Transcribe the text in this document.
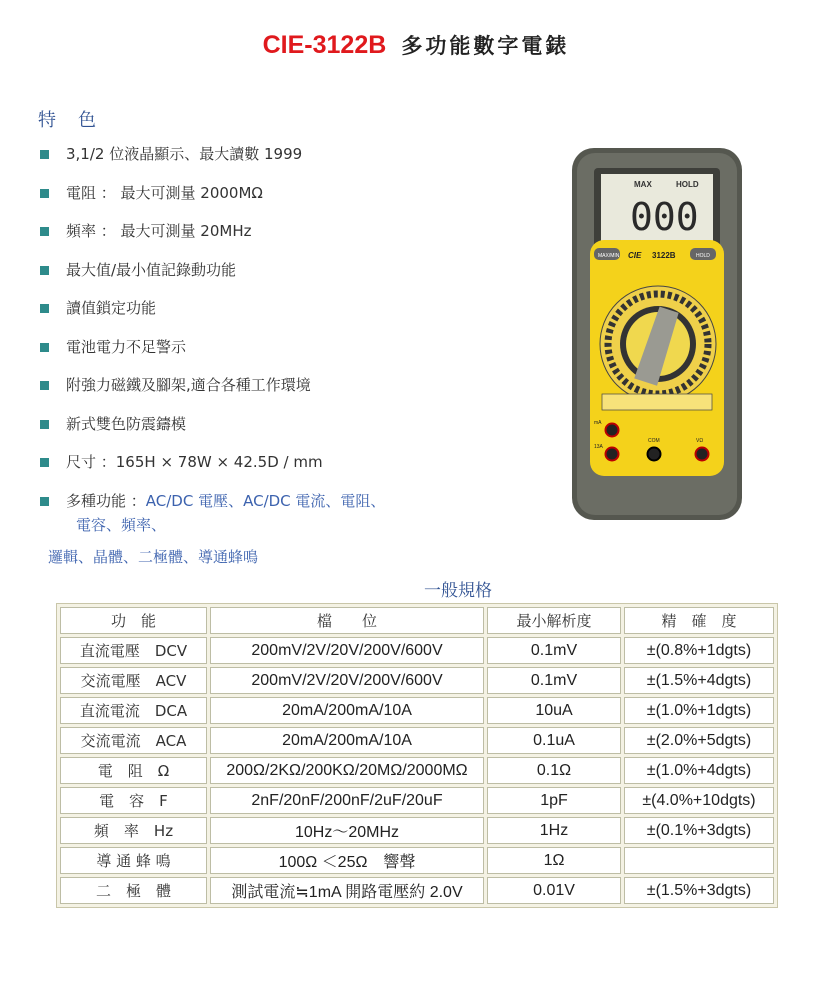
CIE-3122B 多功能數字電錶
特色
3,1/2 位液晶顯示、最大讀數 1999
電阻 ： 最大可測量 2000MΩ
頻率 ： 最大可測量 20MHz
最大值/最小值記錄動功能
讀值鎖定功能
電池電力不足警示
附強力磁鐵及腳架,適合各種工作環境
新式雙色防震鑄模
尺寸 ：165H × 78W × 42.5D / mm
多種功能 ：AC/DC 電壓、AC/DC 電流、電阻、
電容、頻率、
邏輯、晶體、二極體、導通蜂鳴
MAX	HOLD
000
MAX/MIN	HOLD
CIE 3122B
13A
mA
COM	VΩ
一般規格
功　能	檔　　位	最小解析度	精　確　度
直流電壓　DCV	200mV/2V/20V/200V/600V	0.1mV	±(0.8%+1dgts)
交流電壓　ACV	200mV/2V/20V/200V/600V	0.1mV	±(1.5%+4dgts)
直流電流　DCA	20mA/200mA/10A	10uA	±(1.0%+1dgts)
交流電流　ACA	20mA/200mA/10A	0.1uA	±(2.0%+5dgts)
電　阻　Ω	200Ω/2KΩ/200KΩ/20MΩ/2000MΩ	0.1Ω	±(1.0%+4dgts)
電　容　F	2nF/20nF/200nF/2uF/20uF	1pF	±(4.0%+10dgts)
頻　率　Hz	10Hz～20MHz	1Hz	±(0.1%+3dgts)
導 通 蜂 鳴	100Ω ＜25Ω　響聲	1Ω	
二　極　體	測試電流≒1mA 開路電壓約 2.0V	0.01V	±(1.5%+3dgts)
